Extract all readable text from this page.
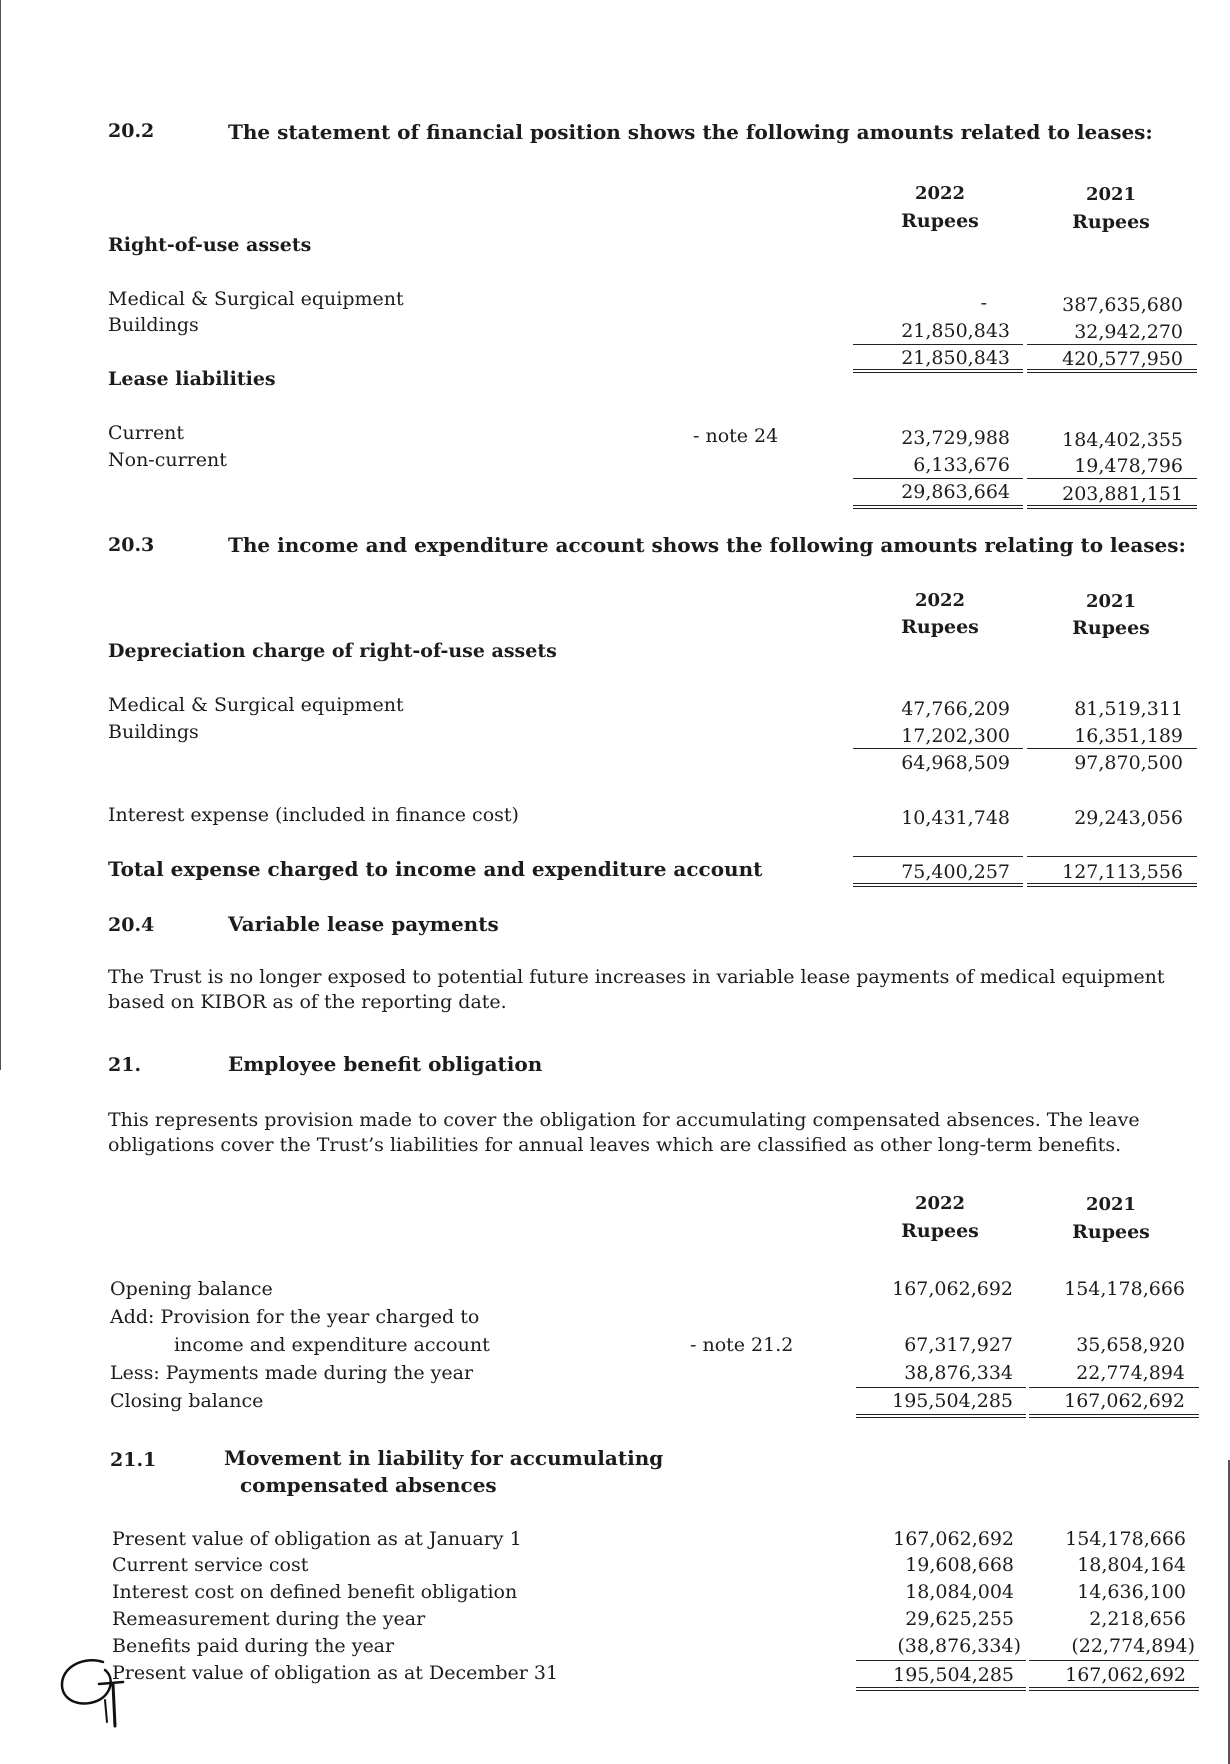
20.2	The statement of financial position shows the following amounts related to leases:
2022	2021
Rupees	Rupees
Right-of-use assets
Medical & Surgical equipment	-	387,635,680
Buildings	21,850,843	32,942,270
21,850,843	420,577,950
Lease liabilities
Current	- note 24	23,729,988	184,402,355
Non-current	6,133,676	19,478,796
29,863,664	203,881,151
20.3	The income and expenditure account shows the following amounts relating to leases:
2022	2021
Rupees	Rupees
Depreciation charge of right-of-use assets
Medical & Surgical equipment	47,766,209	81,519,311
Buildings	17,202,300	16,351,189
64,968,509	97,870,500
Interest expense (included in finance cost)	10,431,748	29,243,056
Total expense charged to income and expenditure account	75,400,257	127,113,556
20.4	Variable lease payments
The Trust is no longer exposed to potential future increases in variable lease payments of medical equipment based on KIBOR as of the reporting date.
21.	Employee benefit obligation
This represents provision made to cover the obligation for accumulating compensated absences. The leave obligations cover the Trust’s liabilities for annual leaves which are classified as other long-term benefits.
2022	2021
Rupees	Rupees
Opening balance	167,062,692	154,178,666
Add: Provision for the year charged to
income and expenditure account	- note 21.2	67,317,927	35,658,920
Less: Payments made during the year	38,876,334	22,774,894
Closing balance	195,504,285	167,062,692
21.1	Movement in liability for accumulating
compensated absences
Present value of obligation as at January 1	167,062,692	154,178,666
Current service cost	19,608,668	18,804,164
Interest cost on defined benefit obligation	18,084,004	14,636,100
Remeasurement during the year	29,625,255	2,218,656
Benefits paid during the year	(38,876,334)	(22,774,894)
Present value of obligation as at December 31	195,504,285	167,062,692
